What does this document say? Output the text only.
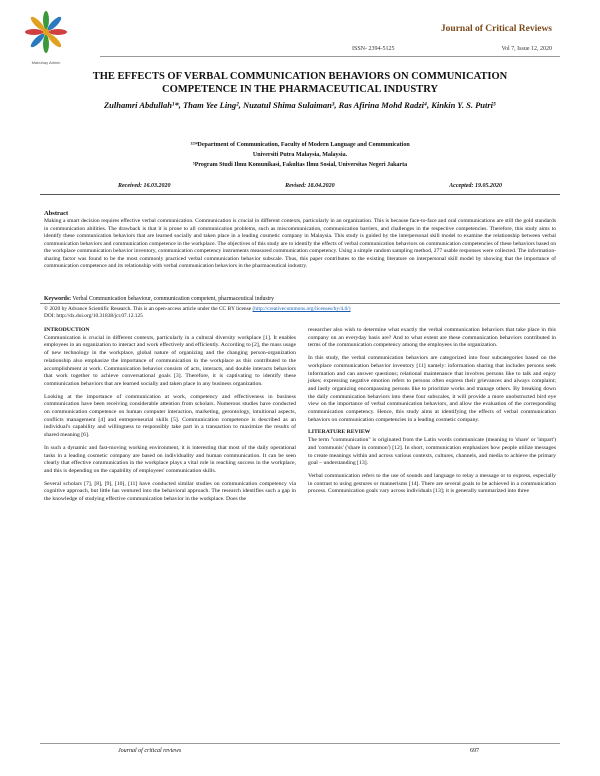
Mabuhay Admin
Journal of Critical Reviews
ISSN- 2394-5125	Vol 7, Issue 12, 2020
THE EFFECTS OF VERBAL COMMUNICATION BEHAVIORS ON COMMUNICATION
COMPETENCE IN THE PHARMACEUTICAL INDUSTRY
Zulhamri Abdullah¹*, Tham Yee Ling², Nuzatul Shima Sulaiman³, Ras Afirina Mohd Radzi⁴, Kinkin Y. S. Putri⁵
¹²³⁴Department of Communication, Faculty of Modern Language and Communication
Universiti Putra Malaysia, Malaysia.
⁵Program Studi Ilmu Komunikasi, Fakultas Ilmu Sosial, Universitas Negeri Jakarta
Received: 16.03.2020	Revised: 18.04.2020	Accepted: 19.05.2020
Abstract
Making a smart decision requires effective verbal communication. Communication is crucial in different contexts, particularly in an organization. This is because face-to-face and oral communications are still the gold standards in communication abilities. The drawback is that it is prone to all communication problems, such as miscommunication, communication barriers, and challenges in the respective competencies. Therefore, this study aims to identify these communication behaviors that are learned socially and taken place in a leading cosmetic company in Malaysia. This study is guided by the interpersonal skill model to examine the relationship between verbal communication behaviors and communication competence in the workplace. The objectives of this study are to identify the effects of verbal communication behaviors on communication competencies of these behaviors based on the workplace communication behavior inventory, communication competency instruments measured communication competency. Using a simple random sampling method, 277 usable responses were collected. The information-sharing factor was found to be the most commonly practiced verbal communication behavior subscale. Thus, this paper contributes to the existing literature on interpersonal skill model by showing that the importance of communication competence and its relationship with verbal communication behaviors in the pharmaceutical industry.
Keywords: Verbal Communication behaviour, communication competent, pharmaceutical industry
© 2020 by Advance Scientific Research. This is an open-access article under the CC BY license (http://creativecommons.org/licenses/by/4.0/)
DOI: http://dx.doi.org/10.31838/jcr.07.12.125

INTRODUCTION

Communication is crucial in different contexts, particularly in a cultural diversity workplace [1]. It enables employees in an organization to interact and work effectively and efficiently. According to [2], the mass usage of new technology in the workplace, global nature of organizing and the changing person-organization relationship also emphasize the importance of communication in the workplace as this contributed to the accomplishment at work. Communication behavior consists of acts, interacts, and double interacts behaviors that work together to achieve conversational goals [3]. Therefore, it is captivating to identify these communication behaviors that are learned socially and taken place in any business organization.

Looking at the importance of communication at work, competency and effectiveness in business communication have been receiving considerable attention from scholars. Numerous studies have conducted on communication competence on human computer interaction, marketing, gerontology, intuitional aspects, conflicts management [4] and entrepreneurial skills [5]. Communication competence is described as an individual's capability and willingness to responsibly take part in a transaction to maximize the results of shared meaning [6].

In such a dynamic and fast-moving working environment, it is interesting that most of the daily operational tasks in a leading cosmetic company are based on individuality and human communication. It can be seen clearly that effective communication in the workplace plays a vital role in reaching success in the workplace, and this is depending on the capability of employees' communication skills.

Several scholars [7], [8], [9], [10], [11] have conducted similar studies on communication competency via cognitive approach, but little has ventured into the behavioral approach. The research identifies such a gap in the knowledge of studying effective communication behavior in the workplace. Does the

researcher also wish to determine what exactly the verbal communication behaviors that take place in this company on an everyday basis are? And to what extent are these communication behaviors contributed in terms of the communication competency among the employees in the organization.

In this study, the verbal communication behaviors are categorized into four subcategories based on the workplace communication behavior inventory [11] namely: information sharing that includes persons seek information and can answer questions; relational maintenance that involves persons like to talk and enjoy jokes; expressing negative emotion refers to persons often express their grievances and always complaint; and lastly organizing encompassing persons like to prioritize works and manage others. By breaking down the daily communication behaviors into these four subscales, it will provide a more unobstructed bird eye view on the importance of verbal communication behaviors, and allow the evaluation of the corresponding communication competency. Hence, this study aims at identifying the effects of verbal communication behaviors on communication competencies in a leading cosmetic company.

LITERATURE REVIEW

The term "communication" is originated from the Latin words communicate (meaning to 'share' or 'impart') and 'communis' ('share in common') [12]. In short, communication emphasizes how people utilize messages to create meanings within and across various contexts, cultures, channels, and media to achieve the primary goal – understanding [13].

Verbal communication refers to the use of sounds and language to relay a message or to express, especially in contrast to using gestures or mannerisms [14]. There are several goals to be achieved in a communication process. Communication goals vary across individuals [13]; it is generally summarized into three

Journal of critical reviews	697
